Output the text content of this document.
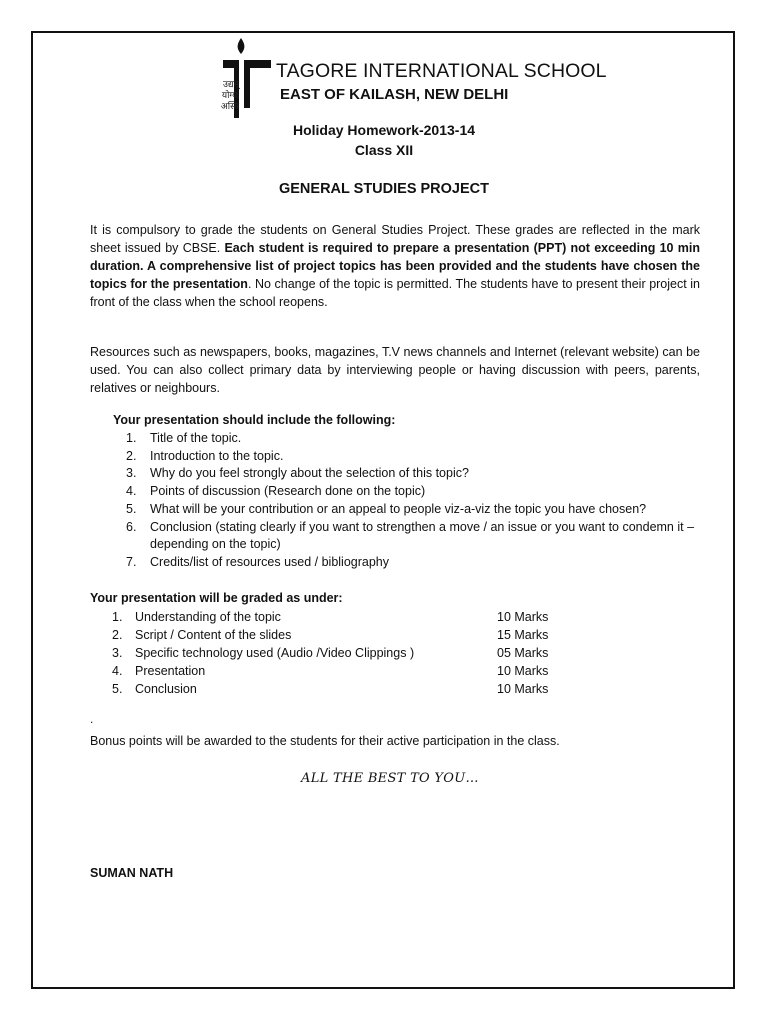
उद्यम्
योग्यः
अस्मि
TAGORE INTERNATIONAL SCHOOL
EAST OF KAILASH, NEW DELHI
Holiday Homework-2013-14
Class XII
GENERAL STUDIES PROJECT

It is compulsory to grade the students on General Studies Project. These grades are reflected in the mark sheet issued by CBSE. Each student is required to prepare a presentation (PPT) not exceeding 10 min duration. A comprehensive list of project topics has been provided and the students have chosen the topics for the presentation. No change of the topic is permitted. The students have to present their project in front of the class when the school reopens.

Resources such as newspapers, books, magazines, T.V news channels and Internet (relevant website) can be used. You can also collect primary data by interviewing people or having discussion with peers, parents, relatives or neighbours.

Your presentation should include the following:
1. Title of the topic.
2. Introduction to the topic.
3. Why do you feel strongly about the selection of this topic?
4. Points of discussion (Research done on the topic)
5. What will be your contribution or an appeal to people viz-a-viz the topic you have chosen?
6. Conclusion (stating clearly if you want to strengthen a move / an issue or you want to condemn it – depending on the topic)
7. Credits/list of resources used / bibliography
Your presentation will be graded as under:
1. Understanding of the topic	10 Marks
2. Script / Content of the slides	15 Marks
3. Specific technology used (Audio /Video Clippings )	05 Marks
4. Presentation	10 Marks
5. Conclusion	10 Marks
.
Bonus points will be awarded to the students for their active participation in the class.
ALL THE BEST TO YOU…
SUMAN NATH
